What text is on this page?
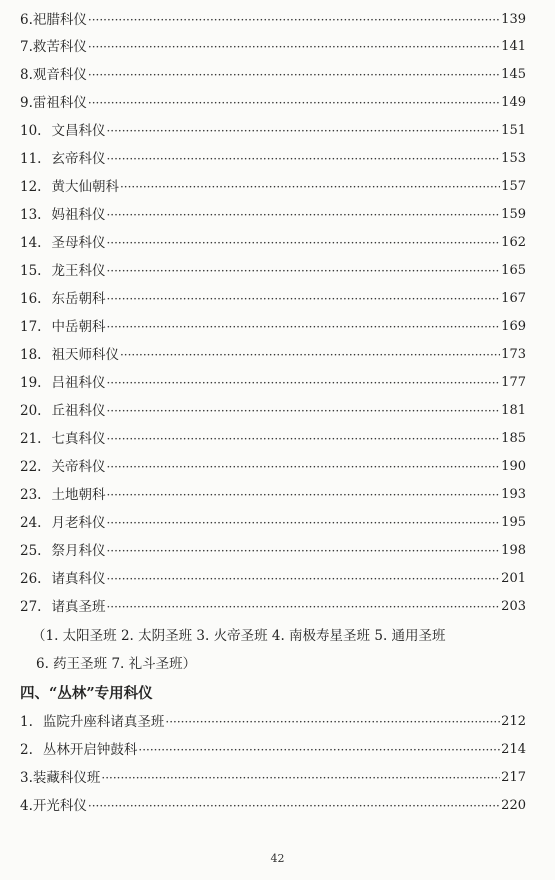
6. 祀腊科仪 ·····	139
7. 救苦科仪 ·····	141
8. 观音科仪 ·····	145
9. 雷祖科仪 ·····	149
10. 文昌科仪 ·····	151
11. 玄帝科仪 ·····	153
12. 黄大仙朝科 ·····	157
13. 妈祖科仪 ·····	159
14. 圣母科仪 ·····	162
15. 龙王科仪 ·····	165
16. 东岳朝科 ·····	167
17. 中岳朝科 ·····	169
18. 祖天师科仪 ·····	173
19. 吕祖科仪 ·····	177
20. 丘祖科仪 ·····	181
21. 七真科仪 ·····	185
22. 关帝科仪 ·····	190
23. 土地朝科 ·····	193
24. 月老科仪 ·····	195
25. 祭月科仪 ·····	198
26. 诸真科仪 ·····	201
27. 诸真圣班 ·····	203
（1. 太阳圣班 2. 太阴圣班 3. 火帝圣班 4. 南极寿星圣班 5. 通用圣班
6. 药王圣班 7. 礼斗圣班）
四、“丛林”专用科仪
1. 监院升座科诸真圣班 ·····	212
2. 丛林开启钟鼓科 ·····	214
3. 装藏科仪班 ·····	217
4. 开光科仪 ·····	220
42
